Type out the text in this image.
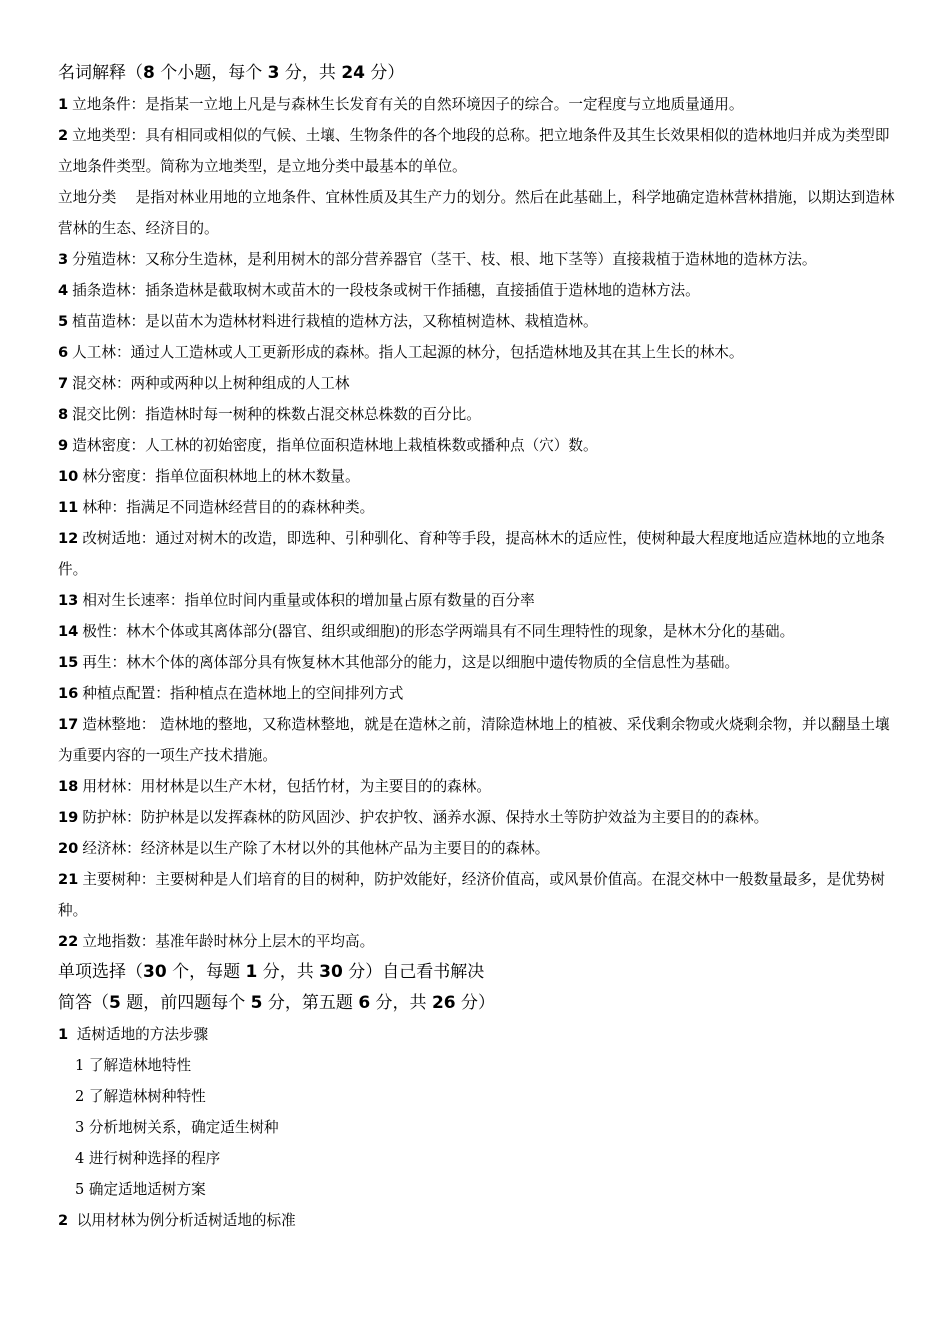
名词解释（8 个小题，每个 3 分，共 24 分）

1 立地条件：是指某一立地上凡是与森林生长发育有关的自然环境因子的综合。一定程度与立地质量通用。

2 立地类型：具有相同或相似的气候、土壤、生物条件的各个地段的总称。把立地条件及其生长效果相似的造林地归并成为类型即立地条件类型。简称为立地类型，是立地分类中最基本的单位。

立地分类　 是指对林业用地的立地条件、宜林性质及其生产力的划分。然后在此基础上，科学地确定造林营林措施，以期达到造林营林的生态、经济目的。

3 分殖造林：又称分生造林，是利用树木的部分营养器官（茎干、枝、根、地下茎等）直接栽植于造林地的造林方法。

4 插条造林：插条造林是截取树木或苗木的一段枝条或树干作插穗，直接插值于造林地的造林方法。

5 植苗造林：是以苗木为造林材料进行栽植的造林方法，又称植树造林、栽植造林。

6 人工林：通过人工造林或人工更新形成的森林。指人工起源的林分，包括造林地及其在其上生长的林木。

7 混交林：两种或两种以上树种组成的人工林

8 混交比例：指造林时每一树种的株数占混交林总株数的百分比。

9 造林密度：人工林的初始密度，指单位面积造林地上栽植株数或播种点（穴）数。

10 林分密度：指单位面积林地上的林木数量。

11 林种：指满足不同造林经营目的的森林种类。

12 改树适地：通过对树木的改造，即选种、引种驯化、育种等手段，提高林木的适应性，使树种最大程度地适应造林地的立地条件。

13 相对生长速率：指单位时间内重量或体积的增加量占原有数量的百分率

14 极性：林木个体或其离体部分(器官、组织或细胞)的形态学两端具有不同生理特性的现象，是林木分化的基础。

15 再生：林木个体的离体部分具有恢复林木其他部分的能力，这是以细胞中遗传物质的全信息性为基础。

16 种植点配置：指种植点在造林地上的空间排列方式

17 造林整地： 造林地的整地，又称造林整地，就是在造林之前，清除造林地上的植被、采伐剩余物或火烧剩余物，并以翻垦土壤为重要内容的一项生产技术措施。

18 用材林：用材林是以生产木材，包括竹材，为主要目的的森林。

19 防护林：防护林是以发挥森林的防风固沙、护农护牧、涵养水源、保持水土等防护效益为主要目的的森林。

20 经济林：经济林是以生产除了木材以外的其他林产品为主要目的的森林。

21 主要树种：主要树种是人们培育的目的树种，防护效能好，经济价值高，或风景价值高。在混交林中一般数量最多，是优势树种。

22 立地指数：基准年龄时林分上层木的平均高。

单项选择（30 个，每题 1 分，共 30 分）自己看书解决

简答（5 题，前四题每个 5 分，第五题 6 分，共 26 分）

1 适树适地的方法步骤

1 了解造林地特性

2 了解造林树种特性

3 分析地树关系，确定适生树种

4 进行树种选择的程序

5 确定适地适树方案

2 以用材林为例分析适树适地的标准
